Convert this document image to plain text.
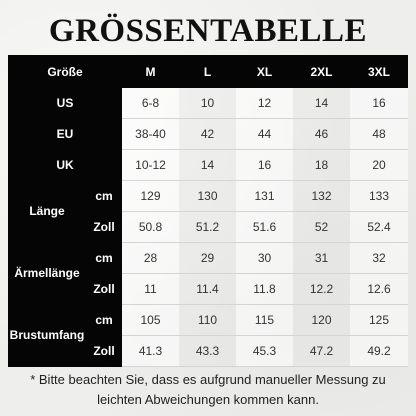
GRÖSSENTABELLE
Größe		M	L	XL	2XL	3XL
US		6-8	10	12	14	16
EU		38-40	42	44	46	48
UK		10-12	14	16	18	20
Länge	cm	129	130	131	132	133
	Zoll	50.8	51.2	51.6	52	52.4
Ärmellänge	cm	28	29	30	31	32
	Zoll	11	11.4	11.8	12.2	12.6
Brustumfang	cm	105	110	115	120	125
	Zoll	41.3	43.3	45.3	47.2	49.2
* Bitte beachten Sie, dass es aufgrund manueller Messung zu
leichten Abweichungen kommen kann.
